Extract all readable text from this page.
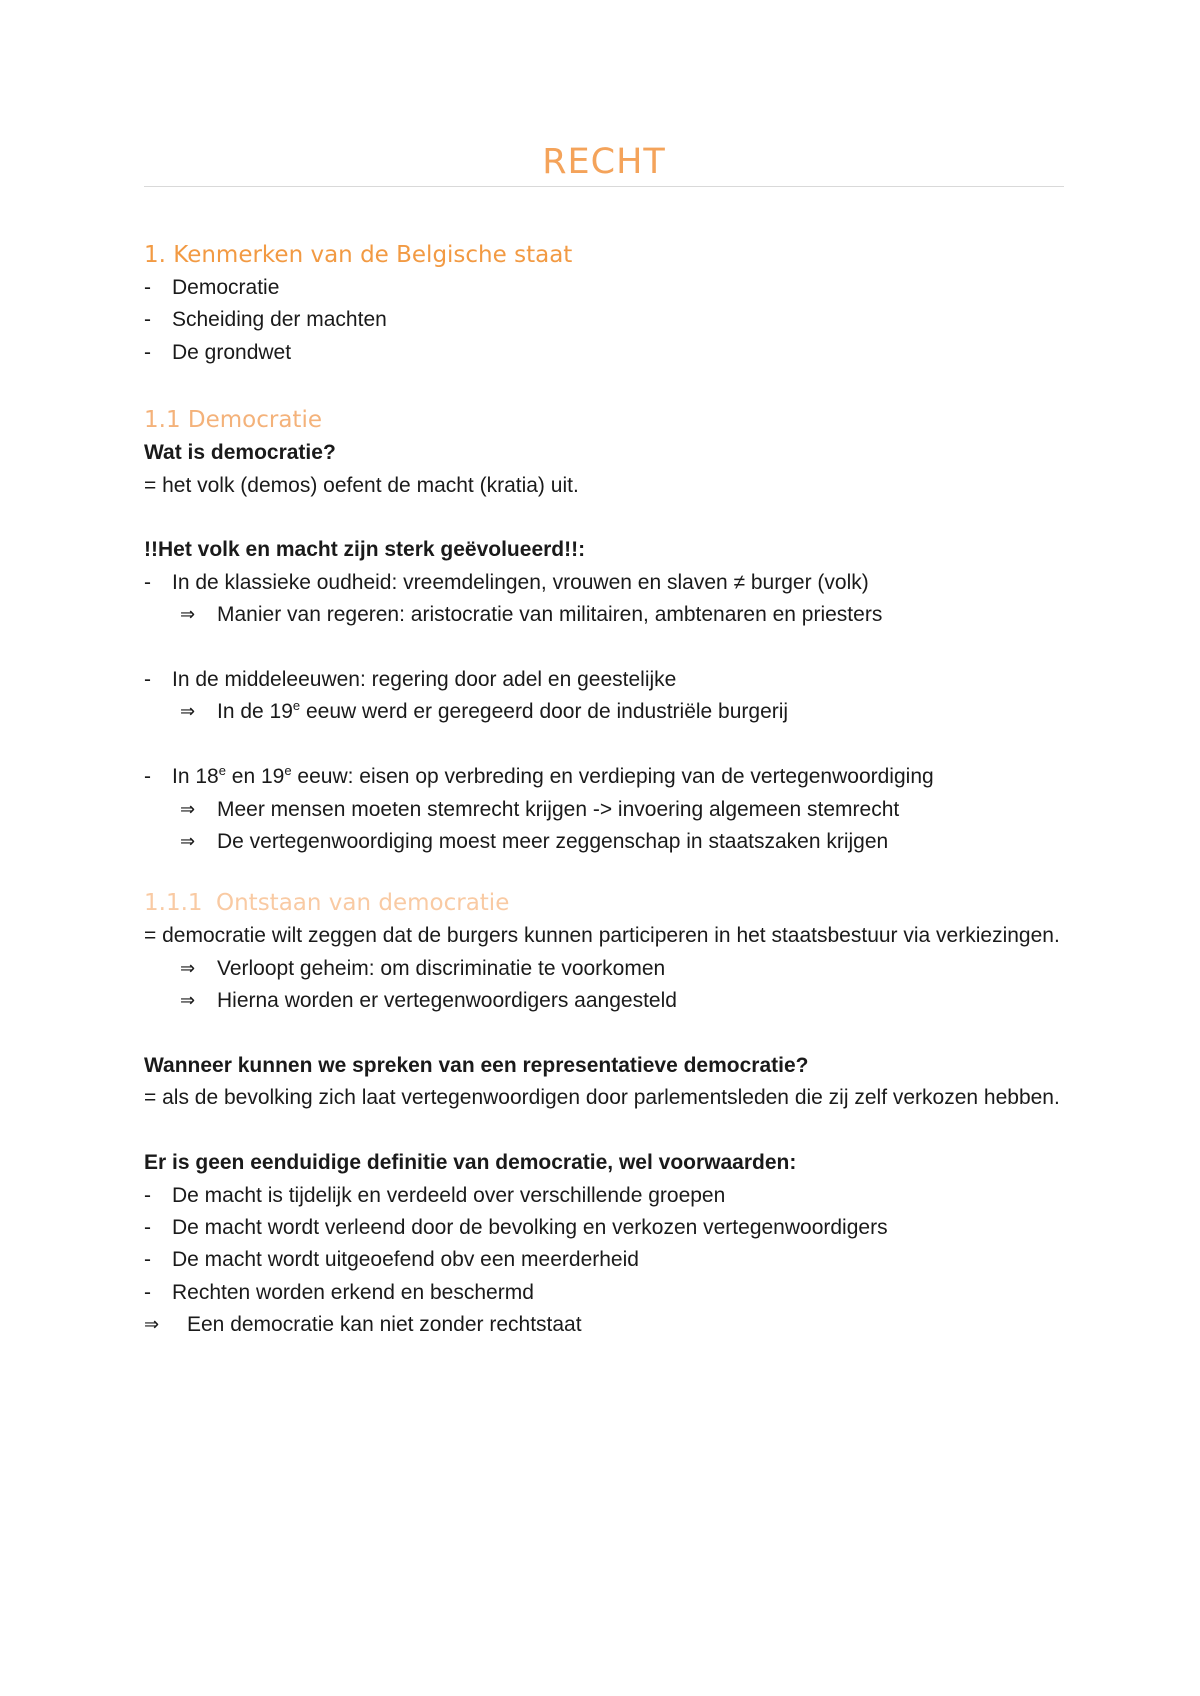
RECHT
1. Kenmerken van de Belgische staat
- Democratie
- Scheiding der machten
- De grondwet
1.1 Democratie
Wat is democratie?
= het volk (demos) oefent de macht (kratia) uit.
!!Het volk en macht zijn sterk geëvolueerd!!:
- In de klassieke oudheid: vreemdelingen, vrouwen en slaven ≠ burger (volk)
⇒ Manier van regeren: aristocratie van militairen, ambtenaren en priesters
- In de middeleeuwen: regering door adel en geestelijke
⇒ In de 19e eeuw werd er geregeerd door de industriële burgerij
- In 18e en 19e eeuw: eisen op verbreding en verdieping van de vertegenwoordiging
⇒ Meer mensen moeten stemrecht krijgen -> invoering algemeen stemrecht
⇒ De vertegenwoordiging moest meer zeggenschap in staatszaken krijgen
1.1.1 Ontstaan van democratie
= democratie wilt zeggen dat de burgers kunnen participeren in het staatsbestuur via verkiezingen.
⇒ Verloopt geheim: om discriminatie te voorkomen
⇒ Hierna worden er vertegenwoordigers aangesteld
Wanneer kunnen we spreken van een representatieve democratie?
= als de bevolking zich laat vertegenwoordigen door parlementsleden die zij zelf verkozen hebben.
Er is geen eenduidige definitie van democratie, wel voorwaarden:
- De macht is tijdelijk en verdeeld over verschillende groepen
- De macht wordt verleend door de bevolking en verkozen vertegenwoordigers
- De macht wordt uitgeoefend obv een meerderheid
- Rechten worden erkend en beschermd
⇒ Een democratie kan niet zonder rechtstaat
